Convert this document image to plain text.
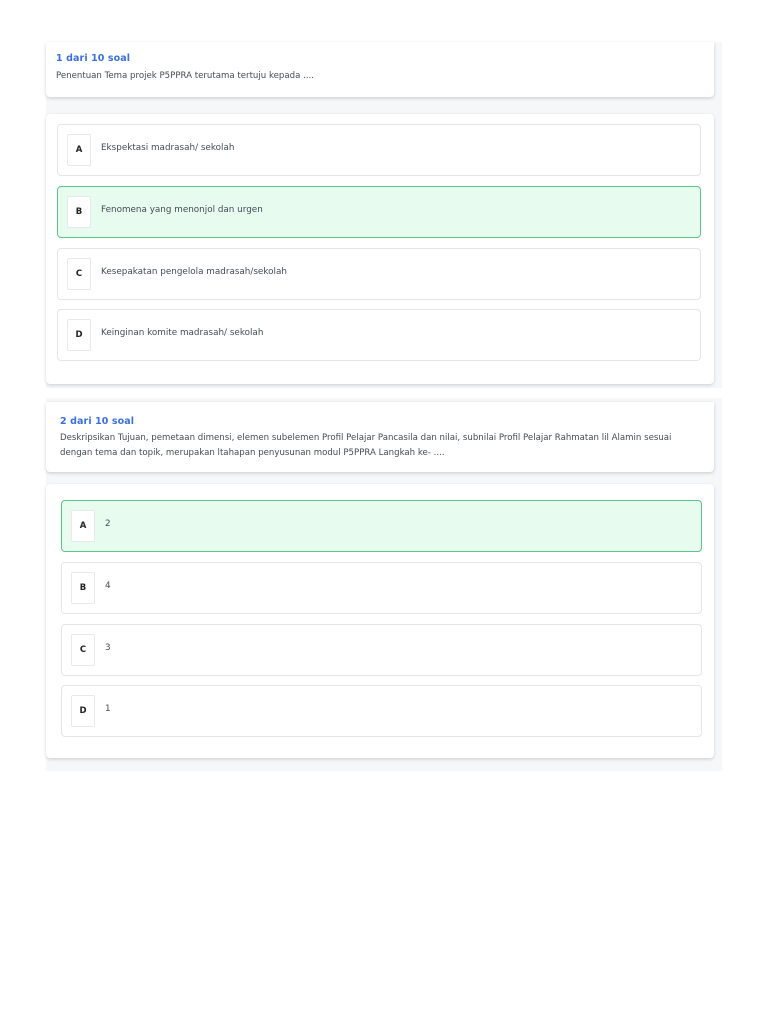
1 dari 10 soal
Penentuan Tema projek P5PPRA terutama tertuju kepada ....
A	Ekspektasi madrasah/ sekolah
B	Fenomena yang menonjol dan urgen
C	Kesepakatan pengelola madrasah/sekolah
D	Keinginan komite madrasah/ sekolah
2 dari 10 soal
Deskripsikan Tujuan, pemetaan dimensi, elemen subelemen Profil Pelajar Pancasila dan nilai, subnilai Profil Pelajar Rahmatan lil Alamin sesuai dengan tema dan topik, merupakan ltahapan penyusunan modul P5PPRA Langkah ke- ....
A	2
B	4
C	3
D	1
